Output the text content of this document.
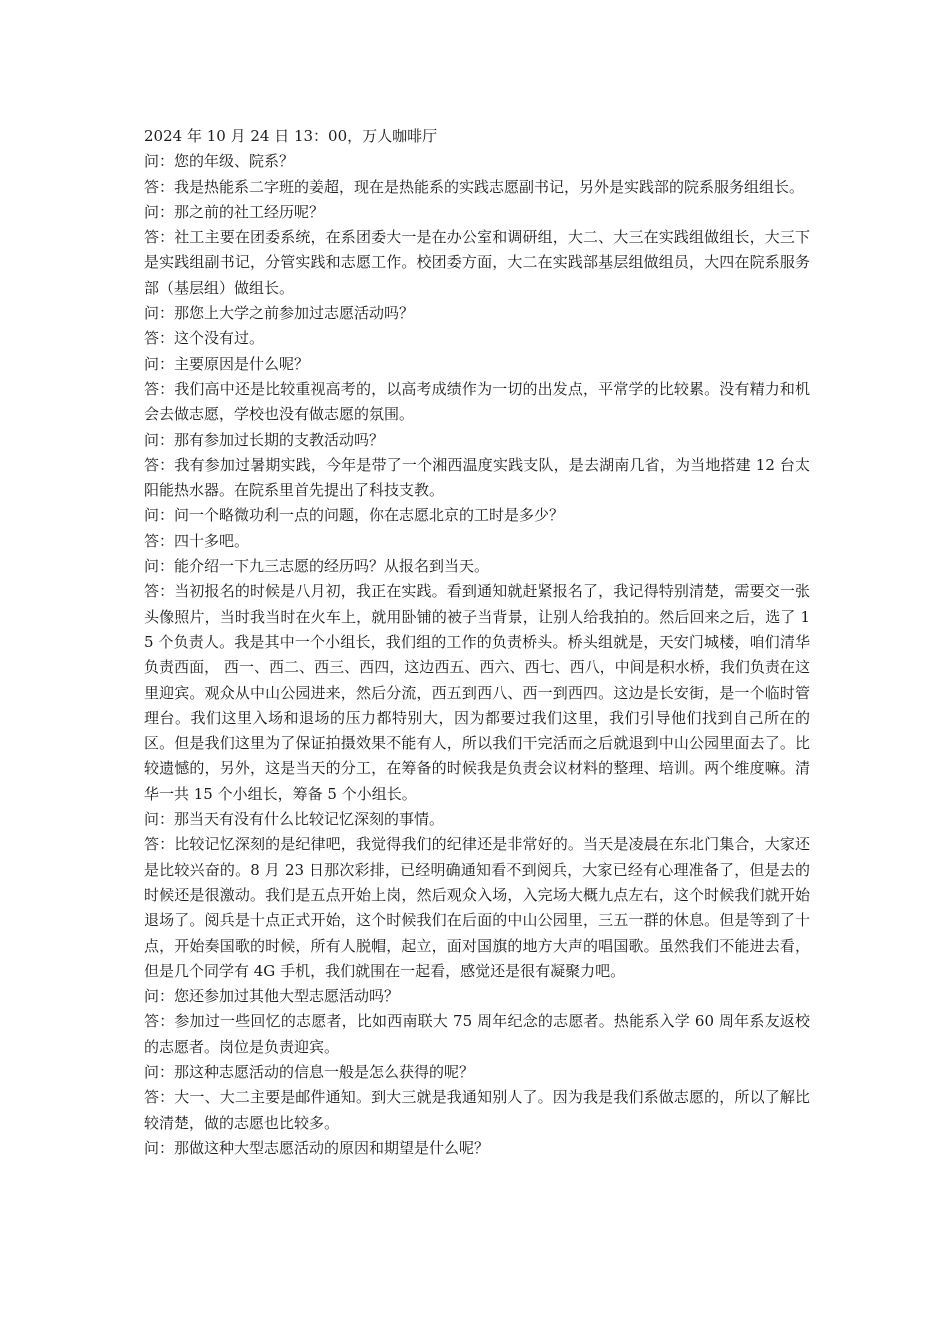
2024 年 10 月 24 日 13：00，万人咖啡厅

问：您的年级、院系？

答：我是热能系二字班的姜超，现在是热能系的实践志愿副书记，另外是实践部的院系服务组组长。

问：那之前的社工经历呢？

答：社工主要在团委系统，在系团委大一是在办公室和调研组，大二、大三在实践组做组长，大三下是实践组副书记，分管实践和志愿工作。校团委方面，大二在实践部基层组做组员，大四在院系服务部（基层组）做组长。

问：那您上大学之前参加过志愿活动吗？

答：这个没有过。

问：主要原因是什么呢？

答：我们高中还是比较重视高考的，以高考成绩作为一切的出发点，平常学的比较累。没有精力和机会去做志愿，学校也没有做志愿的氛围。

问：那有参加过长期的支教活动吗？

答：我有参加过暑期实践，今年是带了一个湘西温度实践支队，是去湖南几省，为当地搭建 12 台太阳能热水器。在院系里首先提出了科技支教。

问：问一个略微功利一点的问题，你在志愿北京的工时是多少？

答：四十多吧。

问：能介绍一下九三志愿的经历吗？从报名到当天。

答：当初报名的时候是八月初，我正在实践。看到通知就赶紧报名了，我记得特别清楚，需要交一张头像照片，当时我当时在火车上，就用卧铺的被子当背景，让别人给我拍的。然后回来之后，选了 15 个负责人。我是其中一个小组长，我们组的工作的负责桥头。桥头组就是，天安门城楼，咱们清华负责西面， 西一、西二、西三、西四，这边西五、西六、西七、西八，中间是积水桥，我们负责在这里迎宾。观众从中山公园进来，然后分流，西五到西八、西一到西四。这边是长安街，是一个临时管理台。我们这里入场和退场的压力都特别大，因为都要过我们这里，我们引导他们找到自己所在的区。但是我们这里为了保证拍摄效果不能有人，所以我们干完活而之后就退到中山公园里面去了。比较遗憾的，另外，这是当天的分工，在筹备的时候我是负责会议材料的整理、培训。两个维度嘛。清华一共 15 个小组长，筹备 5 个小组长。

问：那当天有没有什么比较记忆深刻的事情。

答：比较记忆深刻的是纪律吧，我觉得我们的纪律还是非常好的。当天是凌晨在东北门集合，大家还是比较兴奋的。8 月 23 日那次彩排，已经明确通知看不到阅兵，大家已经有心理准备了，但是去的时候还是很激动。我们是五点开始上岗，然后观众入场，入完场大概九点左右，这个时候我们就开始退场了。阅兵是十点正式开始，这个时候我们在后面的中山公园里，三五一群的休息。但是等到了十点，开始奏国歌的时候，所有人脱帽，起立，面对国旗的地方大声的唱国歌。虽然我们不能进去看，但是几个同学有 4G 手机，我们就围在一起看，感觉还是很有凝聚力吧。

问：您还参加过其他大型志愿活动吗？

答：参加过一些回忆的志愿者，比如西南联大 75 周年纪念的志愿者。热能系入学 60 周年系友返校的志愿者。岗位是负责迎宾。

问：那这种志愿活动的信息一般是怎么获得的呢？

答：大一、大二主要是邮件通知。到大三就是我通知别人了。因为我是我们系做志愿的，所以了解比较清楚，做的志愿也比较多。

问：那做这种大型志愿活动的原因和期望是什么呢？
